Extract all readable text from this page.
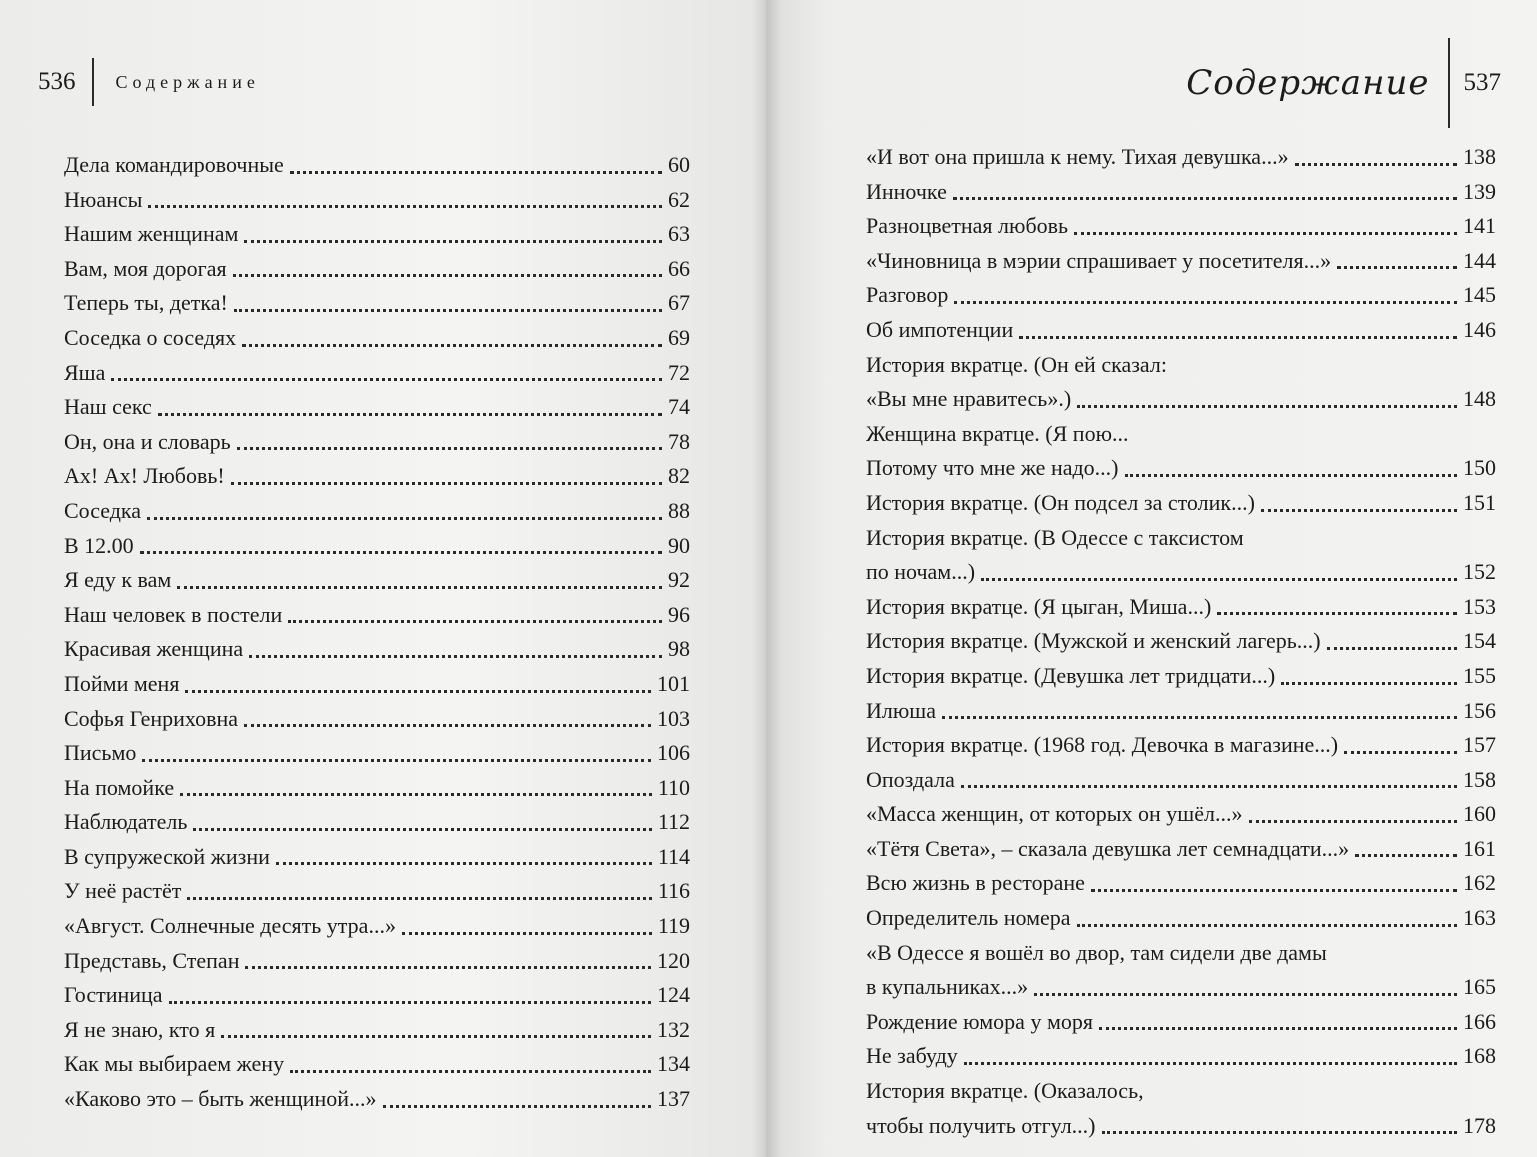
536 Содержание
Дела командировочные	60
Нюансы	62
Нашим женщинам	63
Вам, моя дорогая	66
Теперь ты, детка!	67
Соседка о соседях	69
Яша	72
Наш секс	74
Он, она и словарь	78
Ах! Ах! Любовь!	82
Соседка	88
В 12.00	90
Я еду к вам	92
Наш человек в постели	96
Красивая женщина	98
Пойми меня	101
Софья Генриховна	103
Письмо	106
На помойке	110
Наблюдатель	112
В супружеской жизни	114
У неё растёт	116
«Август. Солнечные десять утра...»	119
Представь, Степан	120
Гостиница	124
Я не знаю, кто я	132
Как мы выбираем жену	134
«Каково это – быть женщиной...»	137
Содержание 537
«И вот она пришла к нему. Тихая девушка...»	138
Инночке	139
Разноцветная любовь	141
«Чиновница в мэрии спрашивает у посетителя...»	144
Разговор	145
Об импотенции	146
История вкратце. (Он ей сказал:
«Вы мне нравитесь».)	148
Женщина вкратце. (Я пою...
Потому что мне же надо...)	150
История вкратце. (Он подсел за столик...)	151
История вкратце. (В Одессе с таксистом
по ночам...)	152
История вкратце. (Я цыган, Миша...)	153
История вкратце. (Мужской и женский лагерь...)	154
История вкратце. (Девушка лет тридцати...)	155
Илюша	156
История вкратце. (1968 год. Девочка в магазине...)	157
Опоздала	158
«Масса женщин, от которых он ушёл...»	160
«Тётя Света», – сказала девушка лет семнадцати...»	161
Всю жизнь в ресторане	162
Определитель номера	163
«В Одессе я вошёл во двор, там сидели две дамы
в купальниках...»	165
Рождение юмора у моря	166
Не забуду	168
История вкратце. (Оказалось,
чтобы получить отгул...)	178
